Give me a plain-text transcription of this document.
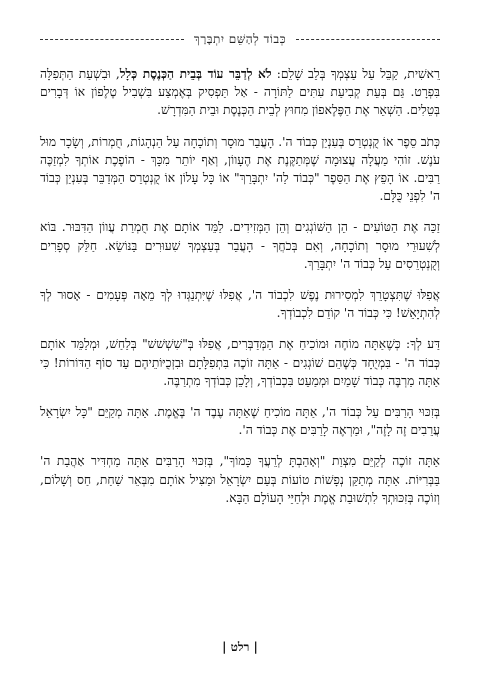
כְּבוֹד לְהַשֵּׁם יִתְבָּרַךְ

רֵאשִׁית, קַבֵּל עַל עַצְמְךָ בְּלֵב שָׁלֵם: לֹא לְדַבֵּר עוֹד בְּבֵית הַכְּנֶסֶת כְּלָל, וּבִשְׁעַת הַתְּפִלָּה בִּפְרָט. גַּם בְּעֵת קְבִיעַת עִתִּים לַתּוֹרָה - אַל תַּפְסִיק בְּאֶמְצַע בִּשְׁבִיל טֶלֶפוֹן אוֹ דְּבָרִים בְּטֵלִים. הַשְׁאֵר אֶת הַפֶּלֶאפוֹן מִחוּץ לְבֵית הַכְּנֶסֶת וּבֵית הַמִּדְרָשׁ.

כְּתֹב סֵפֶר אוֹ קֻנְטְרֵס בְּעִנְיַן כְּבוֹד ה'. הָעֲבֵר מוּסָר וְתוֹכָחָה עַל הַנְהָגוֹת, חֻמְרוֹת, וְשָׂכָר מוּל עֹנֶשׁ. זוֹהִי מַעֲלָה עֲצוּמָה שֶׁמְּתַקֶּנֶת אֶת הֶעָווֹן, וְאַף יוֹתֵר מִכָּךְ - הוֹפֶכֶת אוֹתְךָ לִמְזַכֶּה רַבִּים. אוֹ הָפֵץ אֶת הַסֵּפֶר "כְּבוֹד לַה' יִתְבָּרַךְ" אוֹ כָּל עָלוֹן אוֹ קֻנְטְרֵס הַמְּדַבֵּר בְּעִנְיַן כְּבוֹד ה' לִפְנֵי כֻּלָּם.

זַכֵּה אֶת הַטּוֹעִים - הֵן הַשּׁוֹגְגִים וְהֵן הַמְּזִידִים. לַמֵּד אוֹתָם אֶת חֻמְרַת עֲווֹן הַדִּבּוּר. בּוֹא לְשִׁעוּרֵי מוּסָר וְתוֹכָחָה, וְאִם בְּכֹחֲךָ - הָעֲבֵר בְּעַצְמְךָ שִׁעוּרִים בַּנּוֹשֵׂא. חַלֵּק סְפָרִים וְקֻנְטְרֵסִים עַל כְּבוֹד ה' יִתְבָּרַךְ.

אֲפִלּוּ שֶׁתִּצְטָרֵךְ לִמְסִירוּת נֶפֶשׁ לִכְבוֹד ה', אֲפִלּוּ שֶׁיִּתְנַגְּדוּ לְךָ מֵאָה פְּעָמִים - אָסוּר לְךָ לְהִתְיָאֵשׁ! כִּי כְּבוֹד ה' קוֹדֵם לִכְבוֹדְךָ.

דַּע לְךָ: כְּשֶׁאַתָּה מוֹחֶה וּמוֹכִיחַ אֶת הַמְּדַבְּרִים, אֲפִלּוּ בְּ"שִׁשְׁשׁשׁ" בְּלַחַשׁ, וּמְלַמֵּד אוֹתָם כְּבוֹד ה' - בִּמְיֻחָד כְּשֶׁהֵם שׁוֹגְגִים - אַתָּה זוֹכֶה בִּתְפִלָּתָם וּבִזְכֻיּוֹתֵיהֶם עַד סוֹף הַדּוֹרוֹת! כִּי אַתָּה מַרְבֶּה כְּבוֹד שָׁמַיִם וּמְמַעֵט בִּכְבוֹדְךָ, וְלָכֵן כְּבוֹדְךָ מִתְרַבֶּה.

בְּזִכּוּי הָרַבִּים עַל כְּבוֹד ה', אַתָּה מוֹכִיחַ שֶׁאַתָּה עֶבֶד ה' בֶּאֱמֶת. אַתָּה מְקַיֵּם "כָּל יִשְׂרָאֵל עֲרֵבִים זֶה לָזֶה", וּמַרְאֶה לָרַבִּים אֶת כְּבוֹד ה'.

אַתָּה זוֹכֶה לְקַיֵּם מִצְוַת "וְאָהַבְתָּ לְרֵעֲךָ כָּמוֹךָ", בְּזִכּוּי הָרַבִּים אַתָּה מַחְדִּיר אַהֲבַת ה' בַּבְּרִיּוֹת. אַתָּה מְתַקֵּן נְפָשׁוֹת טוֹעוֹת בְּעַם יִשְׂרָאֵל וּמַצִּיל אוֹתָם מִבְּאֵר שַׁחַת, חַס וְשָׁלוֹם, וְזוֹכֶה בְּזִכּוּתְךָ לִתְשׁוּבַת אֱמֶת וּלְחַיֵּי הָעוֹלָם הַבָּא.

| רלט |
